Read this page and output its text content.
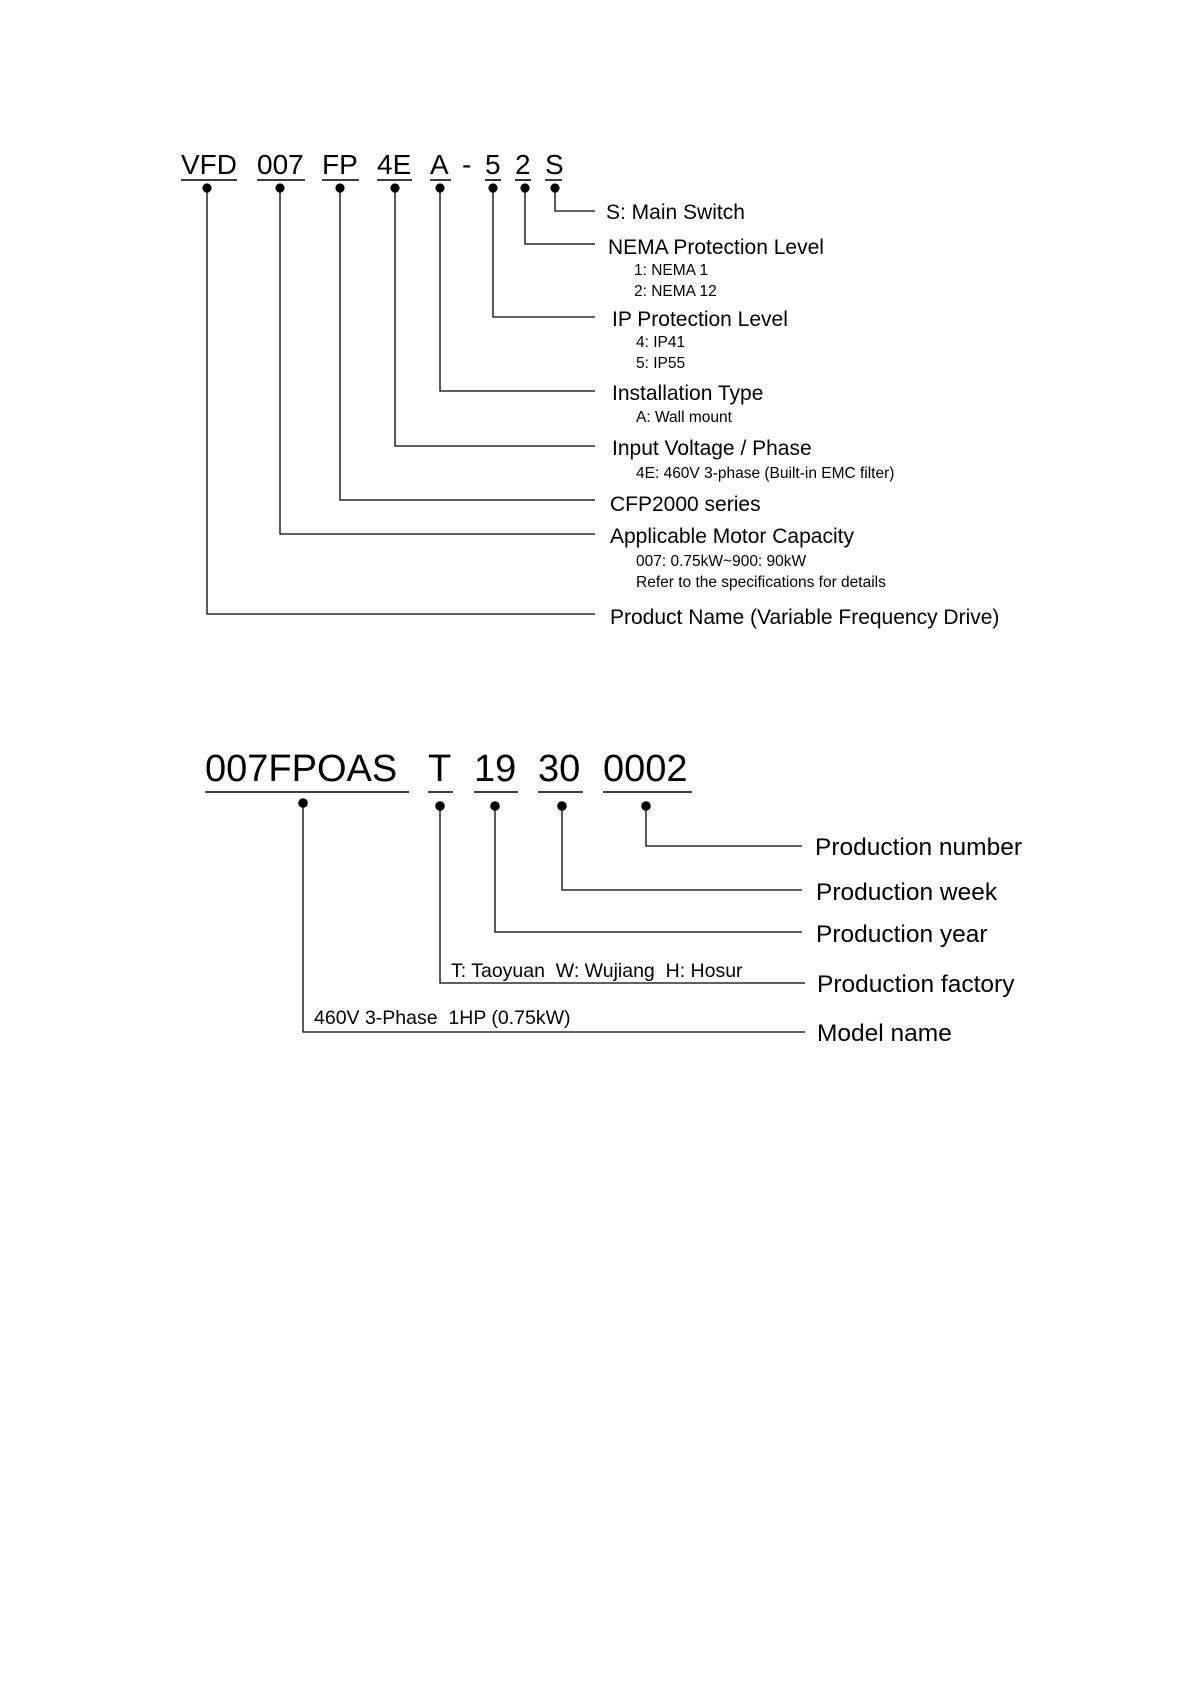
VFD 007 FP 4E A - 5 2 S
S: Main Switch
NEMA Protection Level
1: NEMA 1
2: NEMA 12
IP Protection Level
4: IP41
5: IP55
Installation Type
A: Wall mount
Input Voltage / Phase
4E: 460V 3-phase (Built-in EMC filter)
CFP2000 series
Applicable Motor Capacity
007: 0.75kW~900: 90kW
Refer to the specifications for details
Product Name (Variable Frequency Drive)
007FPOAS T 19 30 0002
Production number
Production week
Production year
Production factory
Model name
T: Taoyuan  W: Wujiang  H: Hosur
460V 3-Phase  1HP (0.75kW)
